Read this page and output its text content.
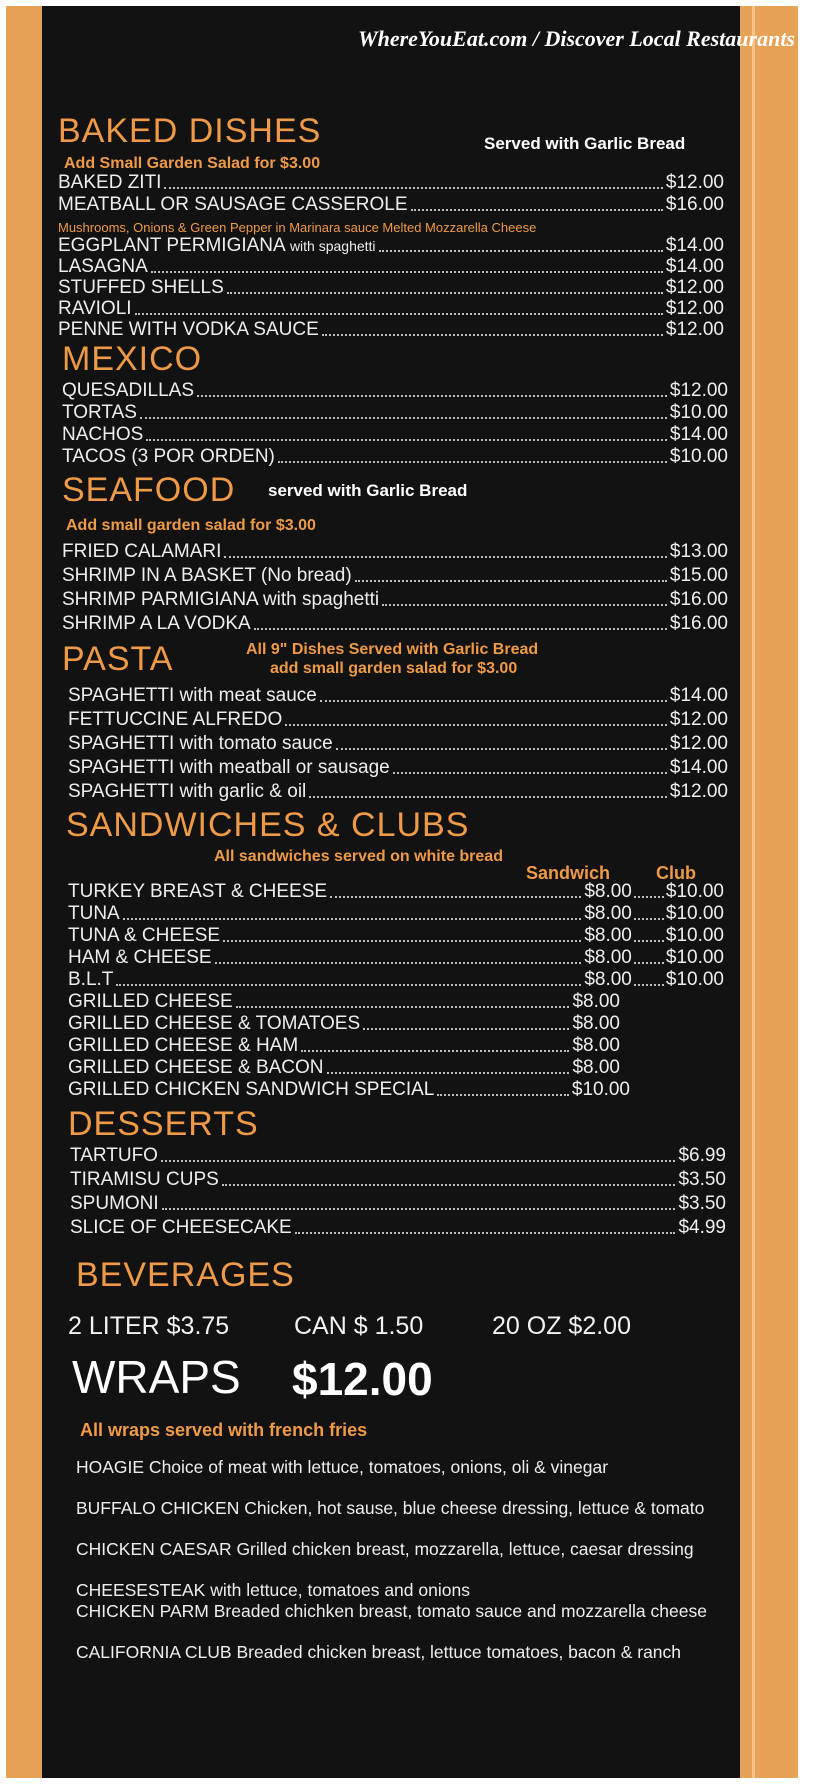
WhereYouEat.com / Discover Local Restaurants
BAKED DISHES	Served with Garlic Bread
Add Small Garden Salad for $3.00
BAKED ZITI	$12.00
MEATBALL OR SAUSAGE CASSEROLE	$16.00
Mushrooms, Onions & Green Pepper in Marinara sauce Melted Mozzarella Cheese
EGGPLANT PERMIGIANA with spaghetti	$14.00
LASAGNA	$14.00
STUFFED SHELLS	$12.00
RAVIOLI	$12.00
PENNE WITH VODKA SAUCE	$12.00
MEXICO
QUESADILLAS	$12.00
TORTAS	$10.00
NACHOS	$14.00
TACOS (3 POR ORDEN)	$10.00
SEAFOOD served with Garlic Bread
Add small garden salad for $3.00
FRIED CALAMARI	$13.00
SHRIMP IN A BASKET (No bread)	$15.00
SHRIMP PARMIGIANA with spaghetti	$16.00
SHRIMP A LA VODKA	$16.00
PASTA	All 9" Dishes Served with Garlic Bread
add small garden salad for $3.00
SPAGHETTI with meat sauce	$14.00
FETTUCCINE ALFREDO	$12.00
SPAGHETTI with tomato sauce	$12.00
SPAGHETTI with meatball or sausage	$14.00
SPAGHETTI with garlic & oil	$12.00
SANDWICHES & CLUBS
All sandwiches served on white bread
Sandwich	Club
TURKEY BREAST & CHEESE	$8.00 $10.00
TUNA	$8.00 $10.00
TUNA & CHEESE	$8.00 $10.00
HAM & CHEESE	$8.00 $10.00
B.L.T	$8.00 $10.00
GRILLED CHEESE	$8.00
GRILLED CHEESE & TOMATOES	$8.00
GRILLED CHEESE & HAM	$8.00
GRILLED CHEESE & BACON	$8.00
GRILLED CHICKEN SANDWICH SPECIAL	$10.00
DESSERTS
TARTUFO	$6.99
TIRAMISU CUPS	$3.50
SPUMONI	$3.50
SLICE OF CHEESECAKE	$4.99
BEVERAGES
2 LITER $3.75	CAN $ 1.50	20 OZ $2.00
WRAPS $12.00
All wraps served with french fries
HOAGIE Choice of meat with lettuce, tomatoes, onions, oli & vinegar
BUFFALO CHICKEN Chicken, hot sause, blue cheese dressing, lettuce & tomato
CHICKEN CAESAR Grilled chicken breast, mozzarella, lettuce, caesar dressing
CHEESESTEAK with lettuce, tomatoes and onions
CHICKEN PARM Breaded chichken breast, tomato sauce and mozzarella cheese
CALIFORNIA CLUB Breaded chicken breast, lettuce tomatoes, bacon & ranch
